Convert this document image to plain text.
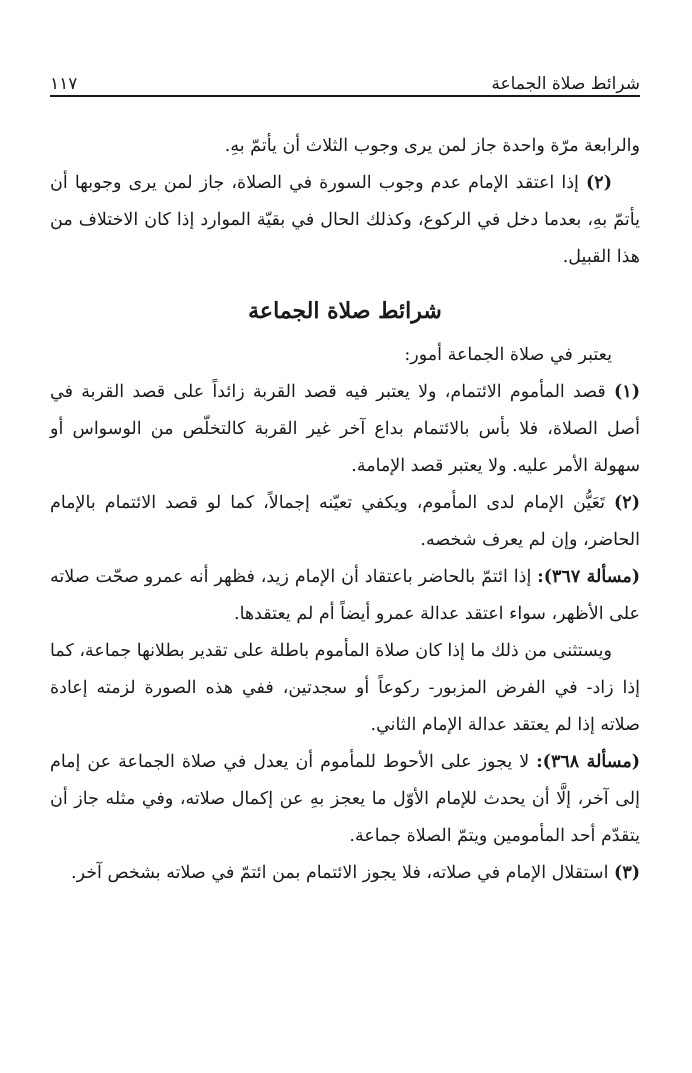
شرائط صلاة الجماعة
١١٧

والرابعة مرّة واحدة جاز لمن يرى وجوب الثلاث أن يأتمّ بهِ.

(٢) إذا اعتقد الإمام عدم وجوب السورة في الصلاة، جاز لمن يرى وجوبها أن يأتمّ بهِ، بعدما دخل في الركوع، وكذلك الحال في بقيّة الموارد إذا كان الاختلاف من هذا القبيل.

شرائط صلاة الجماعة

يعتبر في صلاة الجماعة أمور:

(١) قصد المأموم الائتمام، ولا يعتبر فيه قصد القربة زائداً على قصد القربة في أصل الصلاة، فلا بأس بالائتمام بداع آخر غير القربة كالتخلّص من الوسواس أو سهولة الأمر عليه. ولا يعتبر قصد الإمامة.

(٢) تَعَيُّن الإمام لدى المأموم، ويكفي تعيّنه إجمالاً، كما لو قصد الائتمام بالإمام الحاضر، وإن لم يعرف شخصه.

(مسألة ٣٦٧): إذا ائتمّ بالحاضر باعتقاد أن الإمام زيد، فظهر أنه عمرو صحّت صلاته على الأظهر، سواء اعتقد عدالة عمرو أيضاً أم لم يعتقدها.

ويستثنى من ذلك ما إذا كان صلاة المأموم باطلة على تقدير بطلانها جماعة، كما إذا زاد- في الفرض المزبور- ركوعاً أو سجدتين، ففي هذه الصورة لزمته إعادة صلاته إذا لم يعتقد عدالة الإمام الثاني.

(مسألة ٣٦٨): لا يجوز على الأحوط للمأموم أن يعدل في صلاة الجماعة عن إمام إلى آخر، إلَّا أن يحدث للإمام الأوّل ما يعجز بهِ عن إكمال صلاته، وفي مثله جاز أن يتقدّم أحد المأمومين ويتمّ الصلاة جماعة.

(٣) استقلال الإمام في صلاته، فلا يجوز الائتمام بمن ائتمّ في صلاته بشخص آخر.
